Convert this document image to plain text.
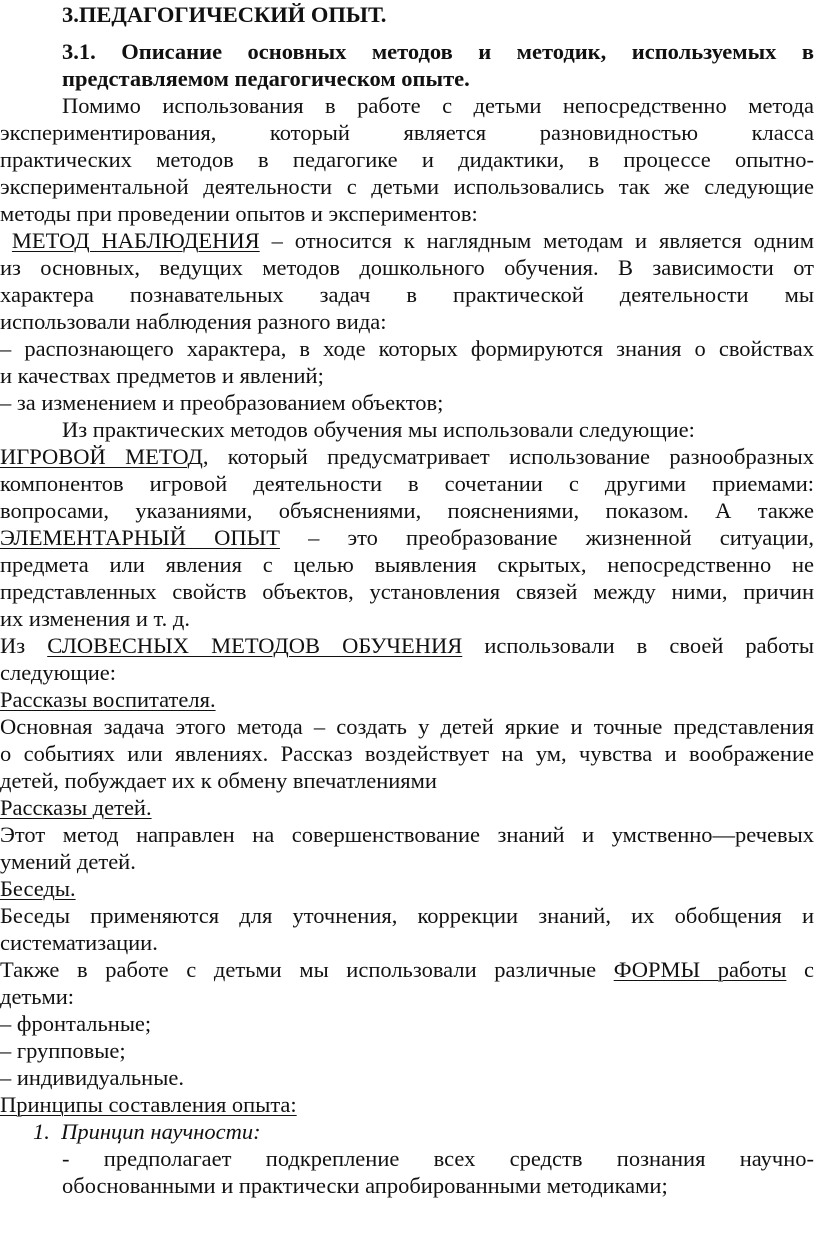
3.ПЕДАГОГИЧЕСКИЙ ОПЫТ.
3.1. Описание основных методов и методик, используемых в
представляемом педагогическом опыте.
Помимо использования в работе с детьми непосредственно метода
экспериментирования, который является разновидностью класса
практических методов в педагогике и дидактики, в процессе опытно-
экспериментальной деятельности с детьми использовались так же следующие
методы при проведении опытов и экспериментов:
МЕТОД НАБЛЮДЕНИЯ – относится к наглядным методам и является одним
из основных, ведущих методов дошкольного обучения. В зависимости от
характера познавательных задач в практической деятельности мы
использовали наблюдения разного вида:
– распознающего характера, в ходе которых формируются знания о свойствах
и качествах предметов и явлений;
– за изменением и преобразованием объектов;
Из практических методов обучения мы использовали следующие:
ИГРОВОЙ МЕТОД, который предусматривает использование разнообразных
компонентов игровой деятельности в сочетании с другими приемами:
вопросами, указаниями, объяснениями, пояснениями, показом. А также
ЭЛЕМЕНТАРНЫЙ ОПЫТ – это преобразование жизненной ситуации,
предмета или явления с целью выявления скрытых, непосредственно не
представленных свойств объектов, установления связей между ними, причин
их изменения и т. д.
Из СЛОВЕСНЫХ МЕТОДОВ ОБУЧЕНИЯ использовали в своей работы
следующие:
Рассказы воспитателя.
Основная задача этого метода – создать у детей яркие и точные представления
о событиях или явлениях. Рассказ воздействует на ум, чувства и воображение
детей, побуждает их к обмену впечатлениями
Рассказы детей.
Этот метод направлен на совершенствование знаний и умственно—речевых
умений детей.
Беседы.
Беседы применяются для уточнения, коррекции знаний, их обобщения и
систематизации.
Также в работе с детьми мы использовали различные ФОРМЫ работы с
детьми:
– фронтальные;
– групповые;
– индивидуальные.
Принципы составления опыта:
1. Принцип научности:
- предполагает подкрепление всех средств познания научно-
обоснованными и практически апробированными методиками;
